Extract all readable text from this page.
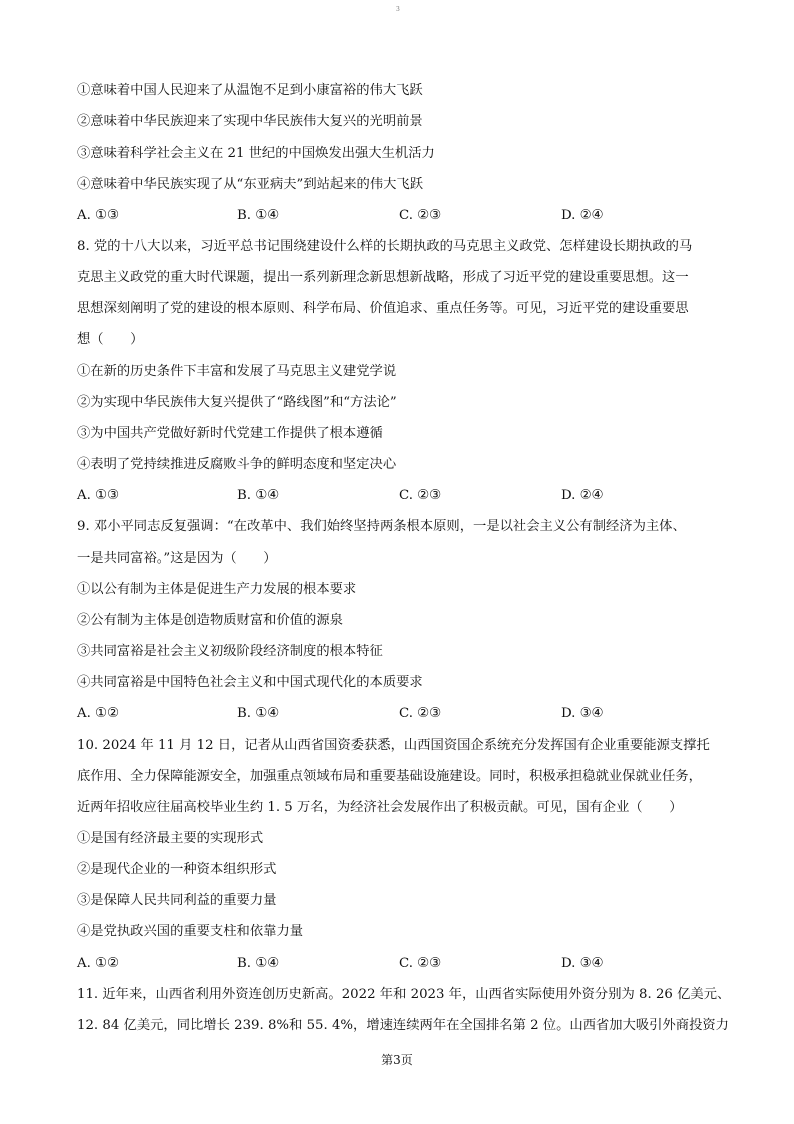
3
①意味着中国人民迎来了从温饱不足到小康富裕的伟大飞跃
②意味着中华民族迎来了实现中华民族伟大复兴的光明前景
③意味着科学社会主义在 21 世纪的中国焕发出强大生机活力
④意味着中华民族实现了从“东亚病夫”到站起来的伟大飞跃
A. ①③	B. ①④	C. ②③	D. ②④
8. 党的十八大以来，习近平总书记围绕建设什么样的长期执政的马克思主义政党、怎样建设长期执政的马
克思主义政党的重大时代课题，提出一系列新理念新思想新战略，形成了习近平党的建设重要思想。这一
思想深刻阐明了党的建设的根本原则、科学布局、价值追求、重点任务等。可见，习近平党的建设重要思
想（　　）
①在新的历史条件下丰富和发展了马克思主义建党学说
②为实现中华民族伟大复兴提供了“路线图”和“方法论”
③为中国共产党做好新时代党建工作提供了根本遵循
④表明了党持续推进反腐败斗争的鲜明态度和坚定决心
A. ①③	B. ①④	C. ②③	D. ②④
9. 邓小平同志反复强调：“在改革中、我们始终坚持两条根本原则，一是以社会主义公有制经济为主体、
一是共同富裕。”这是因为（　　）
①以公有制为主体是促进生产力发展的根本要求
②公有制为主体是创造物质财富和价值的源泉
③共同富裕是社会主义初级阶段经济制度的根本特征
④共同富裕是中国特色社会主义和中国式现代化的本质要求
A. ①②	B. ①④	C. ②③	D. ③④
10. 2024 年 11 月 12 日，记者从山西省国资委获悉，山西国资国企系统充分发挥国有企业重要能源支撑托
底作用、全力保障能源安全，加强重点领域布局和重要基础设施建设。同时，积极承担稳就业保就业任务，
近两年招收应往届高校毕业生约 1. 5 万名，为经济社会发展作出了积极贡献。可见，国有企业（　　）
①是国有经济最主要的实现形式
②是现代企业的一种资本组织形式
③是保障人民共同利益的重要力量
④是党执政兴国的重要支柱和依靠力量
A. ①②	B. ①④	C. ②③	D. ③④
11. 近年来，山西省利用外资连创历史新高。2022 年和 2023 年，山西省实际使用外资分别为 8. 26 亿美元、
12. 84 亿美元，同比增长 239. 8%和 55. 4%，增速连续两年在全国排名第 2 位。山西省加大吸引外商投资力
第3页
